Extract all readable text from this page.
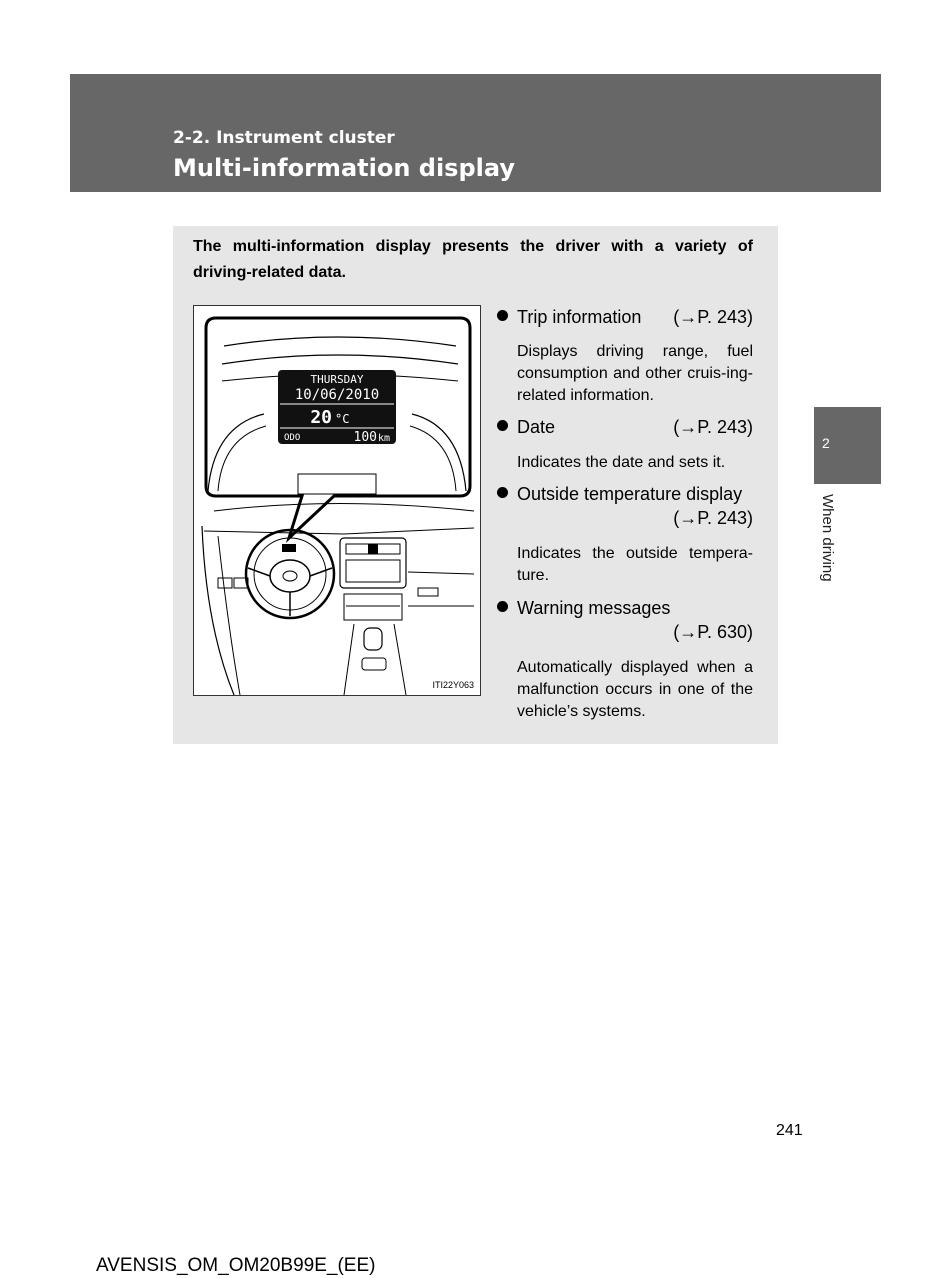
2-2. Instrument cluster
Multi-information display
2
When driving
The multi-information display presents the driver with a variety of driving-related data.
THURSDAY
10/06/2010
20 °C
ODO	100 km
ITI22Y063
Trip information (→P. 243)
Displays driving range, fuel consumption and other cruis-ing-related information.
Date	(→P. 243)
Indicates the date and sets it.
Outside temperature display
(→P. 243)
Indicates the outside tempera-ture.
Warning messages
(→P. 630)
Automatically displayed when a malfunction occurs in one of the vehicle’s systems.
241
AVENSIS_OM_OM20B99E_(EE)
